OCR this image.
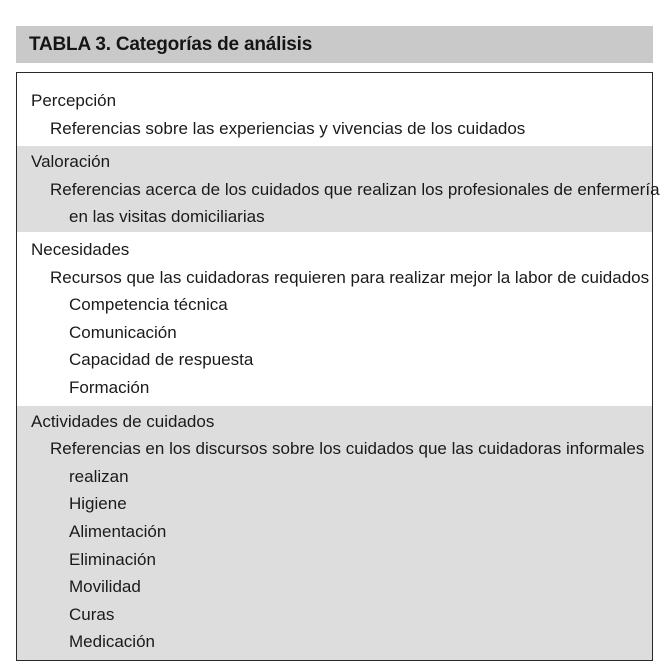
TABLA 3. Categorías de análisis
Percepción
Referencias sobre las experiencias y vivencias de los cuidados
Valoración
Referencias acerca de los cuidados que realizan los profesionales de enfermería
en las visitas domiciliarias
Necesidades
Recursos que las cuidadoras requieren para realizar mejor la labor de cuidados
Competencia técnica
Comunicación
Capacidad de respuesta
Formación
Actividades de cuidados
Referencias en los discursos sobre los cuidados que las cuidadoras informales
realizan
Higiene
Alimentación
Eliminación
Movilidad
Curas
Medicación
